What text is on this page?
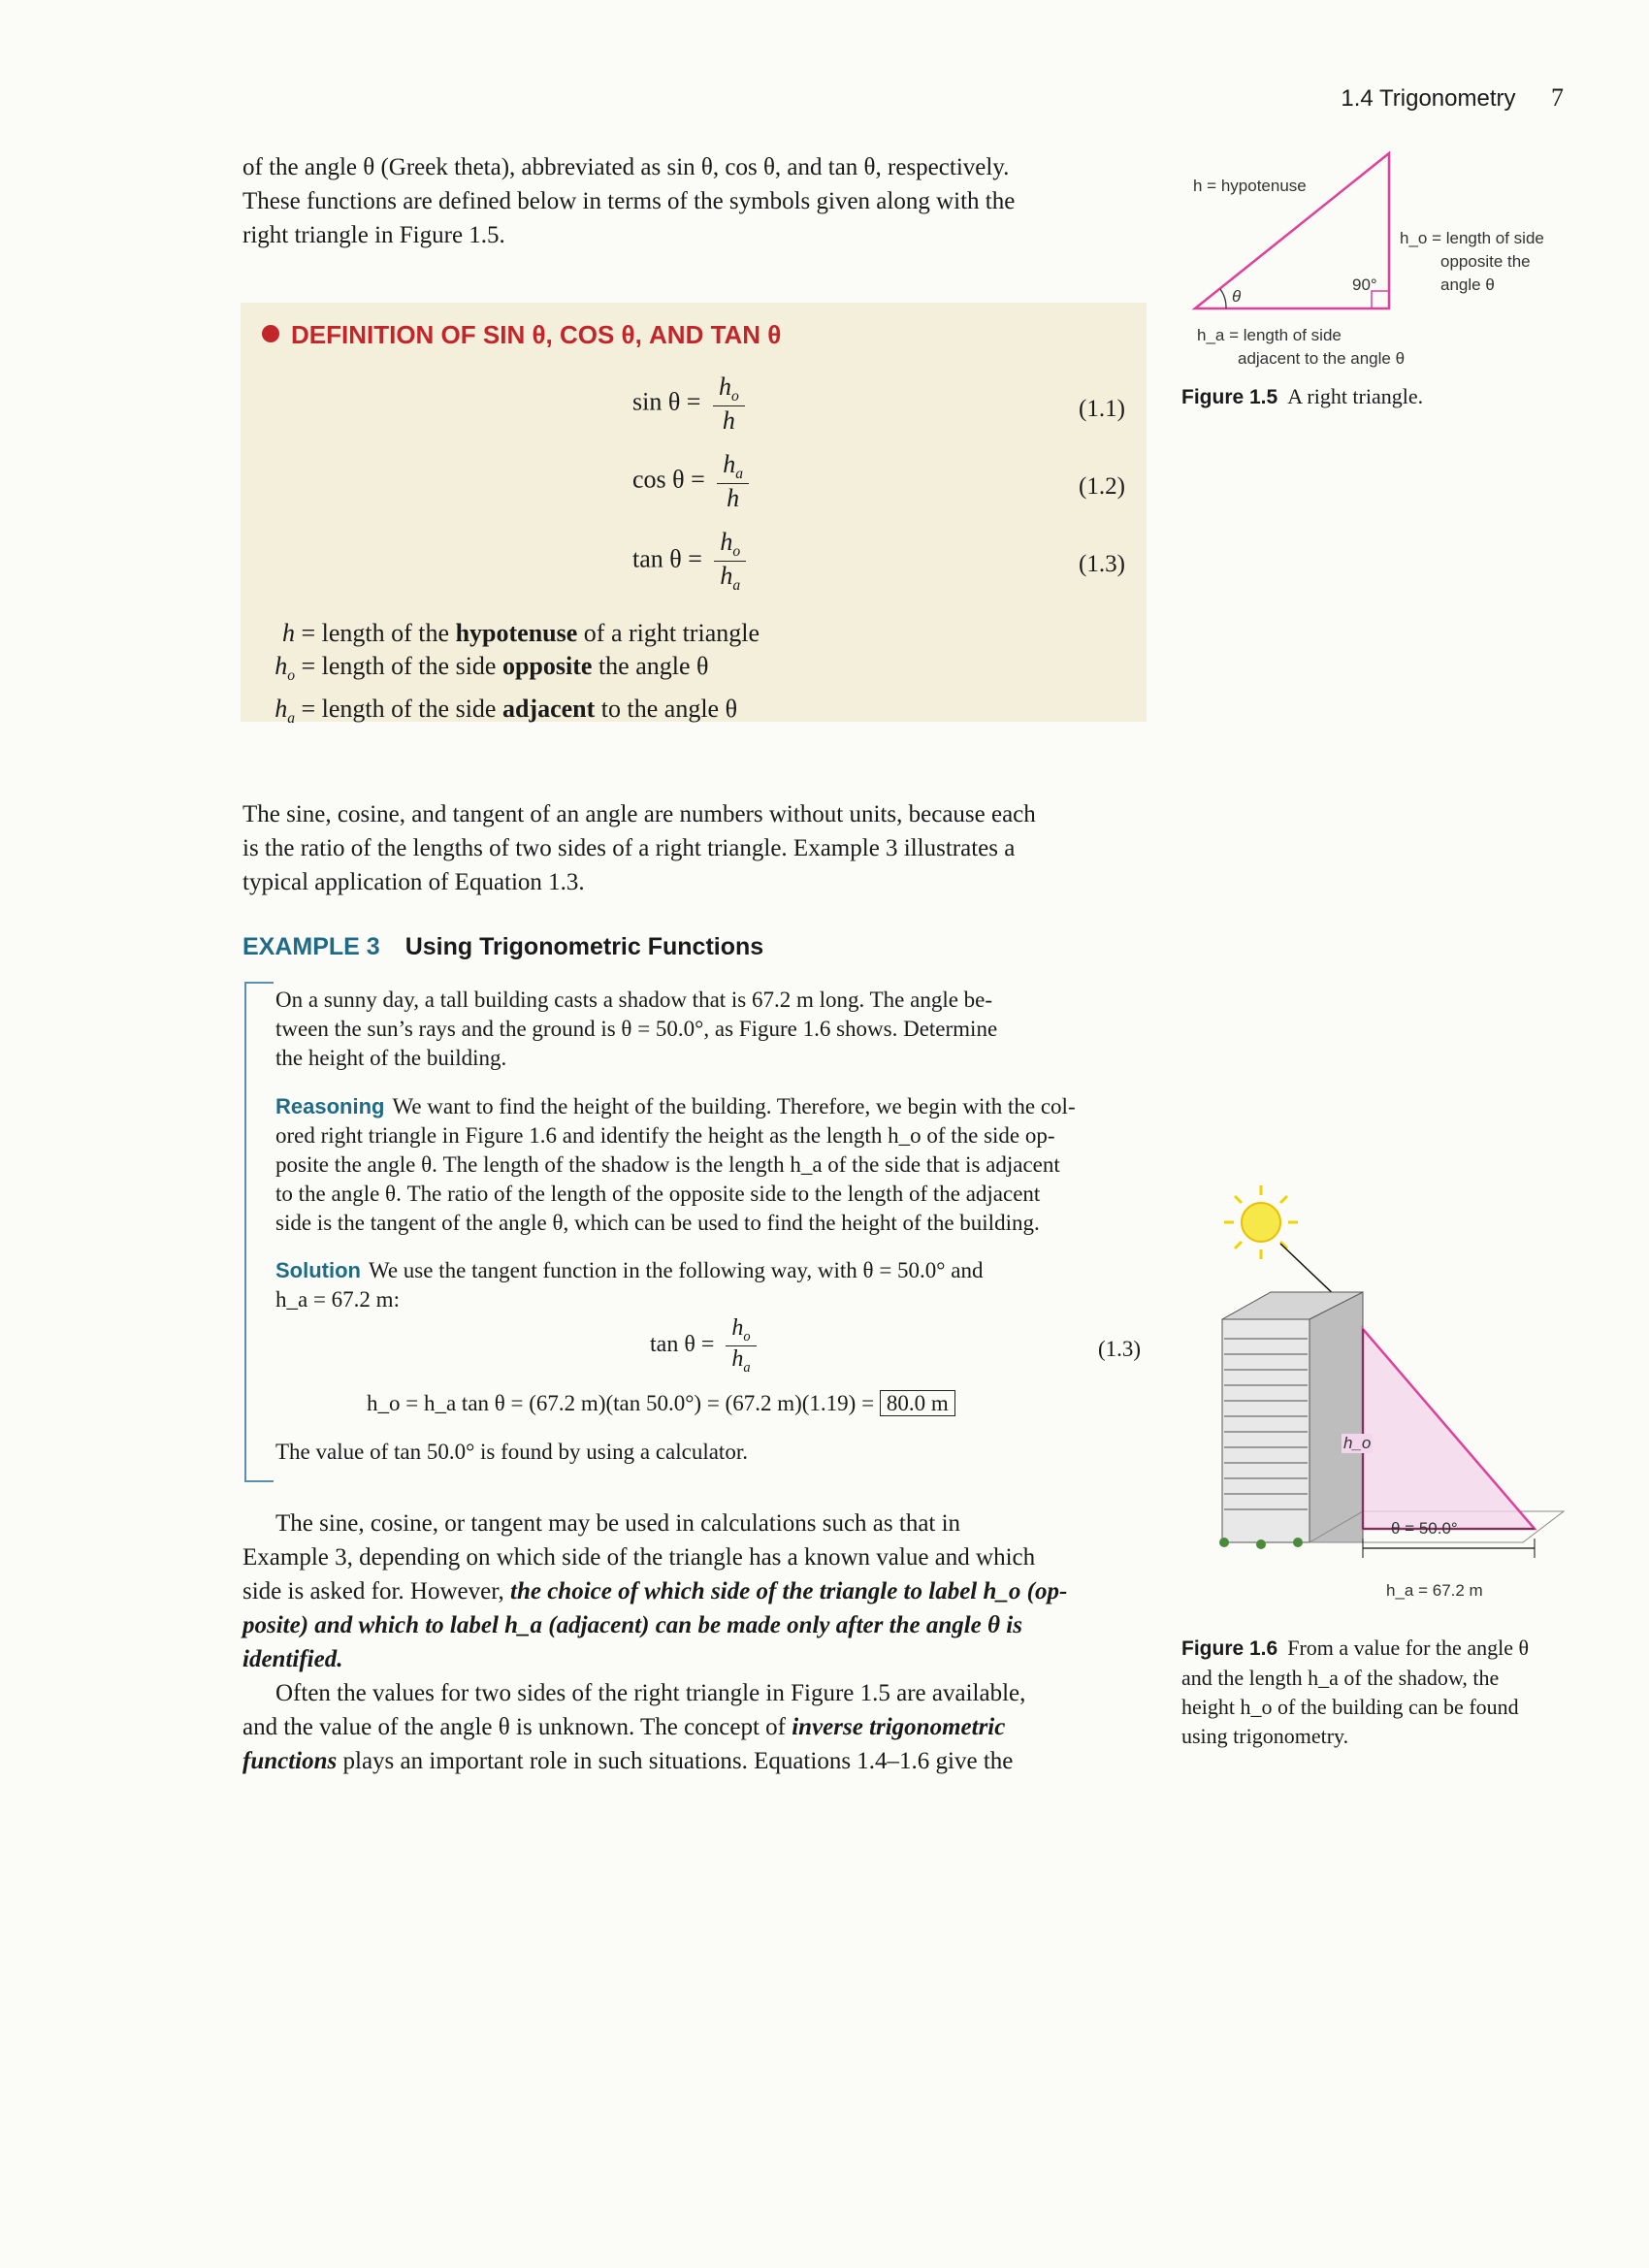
1.4 Trigonometry 7
of the angle θ (Greek theta), abbreviated as sin θ, cos θ, and tan θ, respectively.
These functions are defined below in terms of the symbols given along with the
right triangle in Figure 1.5.
DEFINITION OF SIN θ, COS θ, AND TAN θ
$\sin \theta = \frac{h_o}{h}$	(1.1)
$\cos \theta = \frac{h_a}{h}$	(1.2)
$\tan \theta = \frac{h_o}{h_a}$	(1.3)
h = length of the hypotenuse of a right triangle
$h_o$ = length of the side opposite the angle θ
$h_a$ = length of the side adjacent to the angle θ
The sine, cosine, and tangent of an angle are numbers without units, because each
is the ratio of the lengths of two sides of a right triangle. Example 3 illustrates a
typical application of Equation 1.3.
EXAMPLE 3 Using Trigonometric Functions
On a sunny day, a tall building casts a shadow that is 67.2 m long. The angle be-
tween the sun’s rays and the ground is θ = 50.0°, as Figure 1.6 shows. Determine
the height of the building.
Reasoning We want to find the height of the building. Therefore, we begin with the col-
ored right triangle in Figure 1.6 and identify the height as the length h_o of the side op-
posite the angle θ. The length of the shadow is the length h_a of the side that is adjacent
to the angle θ. The ratio of the length of the opposite side to the length of the adjacent
side is the tangent of the angle θ, which can be used to find the height of the building.
Solution We use the tangent function in the following way, with θ = 50.0° and
h_a = 67.2 m:
$\tan \theta = \frac{h_o}{h_a}$	(1.3)
h_o = h_a tan θ = (67.2 m)(tan 50.0°) = (67.2 m)(1.19) = 80.0 m
The value of tan 50.0° is found by using a calculator.
The sine, cosine, or tangent may be used in calculations such as that in
Example 3, depending on which side of the triangle has a known value and which
side is asked for. However, the choice of which side of the triangle to label h_o (op-
posite) and which to label h_a (adjacent) can be made only after the angle θ is
identified.
Often the values for two sides of the right triangle in Figure 1.5 are available,
and the value of the angle θ is unknown. The concept of inverse trigonometric
functions plays an important role in such situations. Equations 1.4–1.6 give the
h = hypotenuse
h_o = length of side
opposite the
angle θ
θ
90°
h_a = length of side
adjacent to the angle θ
Figure 1.5 A right triangle.
h_o
θ = 50.0°
h_a = 67.2 m
Figure 1.6 From a value for the angle θ
and the length h_a of the shadow, the
height h_o of the building can be found
using trigonometry.
